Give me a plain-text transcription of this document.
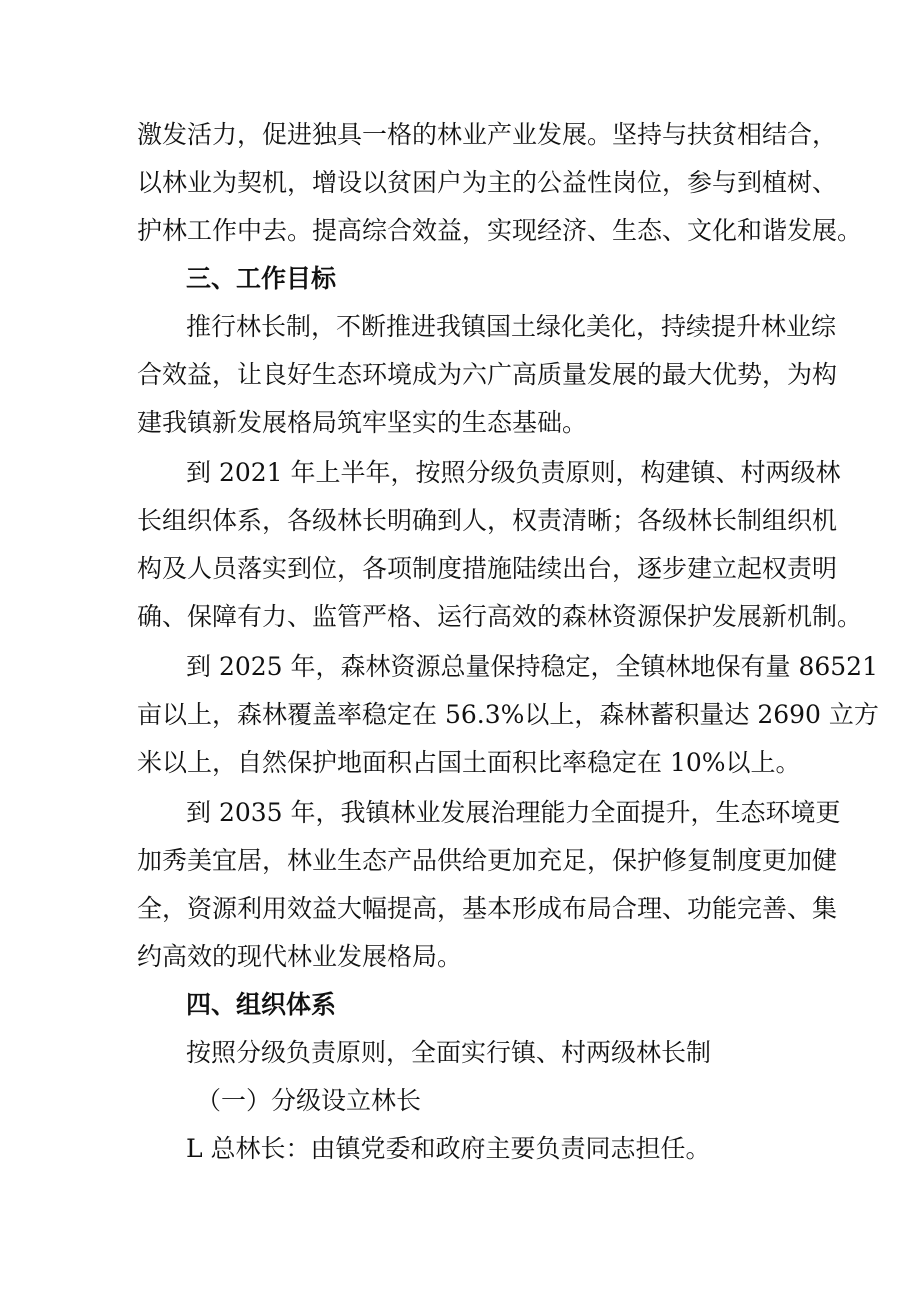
激发活力，促进独具一格的林业产业发展。坚持与扶贫相结合，
以林业为契机，增设以贫困户为主的公益性岗位，参与到植树、
护林工作中去。提高综合效益，实现经济、生态、文化和谐发展。
三、工作目标
推行林长制，不断推进我镇国土绿化美化，持续提升林业综
合效益，让良好生态环境成为六广高质量发展的最大优势，为构
建我镇新发展格局筑牢坚实的生态基础。
到 2021 年上半年，按照分级负责原则，构建镇、村两级林
长组织体系，各级林长明确到人，权责清晰；各级林长制组织机
构及人员落实到位，各项制度措施陆续出台，逐步建立起权责明
确、保障有力、监管严格、运行高效的森林资源保护发展新机制。
到 2025 年，森林资源总量保持稳定，全镇林地保有量 86521
亩以上，森林覆盖率稳定在 56.3%以上，森林蓄积量达 2690 立方
米以上，自然保护地面积占国土面积比率稳定在 10%以上。
到 2035 年，我镇林业发展治理能力全面提升，生态环境更
加秀美宜居，林业生态产品供给更加充足，保护修复制度更加健
全，资源利用效益大幅提高，基本形成布局合理、功能完善、集
约高效的现代林业发展格局。
四、组织体系
按照分级负责原则，全面实行镇、村两级林长制
（一）分级设立林长
L 总林长：由镇党委和政府主要负责同志担任。
